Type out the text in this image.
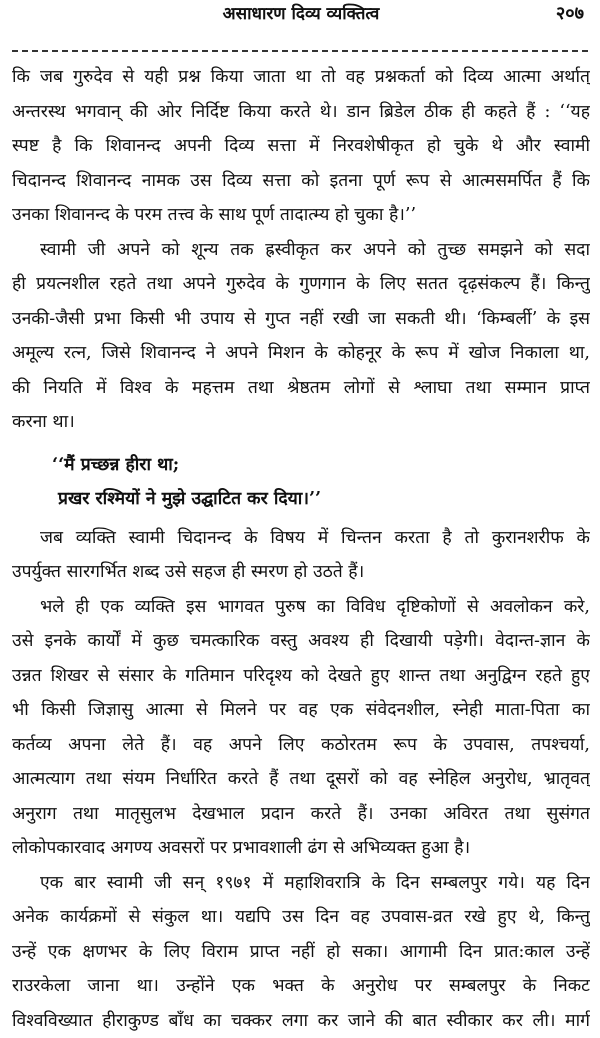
असाधारण दिव्य व्यक्तित्व	२०७
कि जब गुरुदेव से यही प्रश्न किया जाता था तो वह प्रश्नकर्ता को दिव्य आत्मा अर्थात्
अन्तरस्थ भगवान् की ओर निर्दिष्ट किया करते थे। डान ब्रिडेल ठीक ही कहते हैं : ‘‘यह
स्पष्ट है कि शिवानन्द अपनी दिव्य सत्ता में निरवशेषीकृत हो चुके थे और स्वामी
चिदानन्द शिवानन्द नामक उस दिव्य सत्ता को इतना पूर्ण रूप से आत्मसमर्पित हैं कि
उनका शिवानन्द के परम तत्त्व के साथ पूर्ण तादात्म्य हो चुका है।’’
स्वामी जी अपने को शून्य तक ह्रस्वीकृत कर अपने को तुच्छ समझने को सदा
ही प्रयत्नशील रहते तथा अपने गुरुदेव के गुणगान के लिए सतत दृढ़संकल्प हैं। किन्तु
उनकी-जैसी प्रभा किसी भी उपाय से गुप्त नहीं रखी जा सकती थी। ‘किम्बर्ली’ के इस
अमूल्य रत्न, जिसे शिवानन्द ने अपने मिशन के कोहनूर के रूप में खोज निकाला था,
की नियति में विश्व के महत्तम तथा श्रेष्ठतम लोगों से श्लाघा तथा सम्मान प्राप्त
करना था।
‘‘मैं प्रच्छन्न हीरा था;
प्रखर रश्मियों ने मुझे उद्घाटित कर दिया।’’
जब व्यक्ति स्वामी चिदानन्द के विषय में चिन्तन करता है तो कुरानशरीफ के
उपर्युक्त सारगर्भित शब्द उसे सहज ही स्मरण हो उठते हैं।
भले ही एक व्यक्ति इस भागवत पुरुष का विविध दृष्टिकोणों से अवलोकन करे,
उसे इनके कार्यों में कुछ चमत्कारिक वस्तु अवश्य ही दिखायी पड़ेगी। वेदान्त-ज्ञान के
उन्नत शिखर से संसार के गतिमान परिदृश्य को देखते हुए शान्त तथा अनुद्विग्न रहते हुए
भी किसी जिज्ञासु आत्मा से मिलने पर वह एक संवेदनशील, स्नेही माता-पिता का
कर्तव्य अपना लेते हैं। वह अपने लिए कठोरतम रूप के उपवास, तपश्चर्या,
आत्मत्याग तथा संयम निर्धारित करते हैं तथा दूसरों को वह स्नेहिल अनुरोध, भ्रातृवत्
अनुराग तथा मातृसुलभ देखभाल प्रदान करते हैं। उनका अविरत तथा सुसंगत
लोकोपकारवाद अगण्य अवसरों पर प्रभावशाली ढंग से अभिव्यक्त हुआ है।
एक बार स्वामी जी सन् १९७१ में महाशिवरात्रि के दिन सम्बलपुर गये। यह दिन
अनेक कार्यक्रमों से संकुल था। यद्यपि उस दिन वह उपवास-व्रत रखे हुए थे, किन्तु
उन्हें एक क्षणभर के लिए विराम प्राप्त नहीं हो सका। आगामी दिन प्रात:काल उन्हें
राउरकेला जाना था। उन्होंने एक भक्त के अनुरोध पर सम्बलपुर के निकट
विश्वविख्यात हीराकुण्ड बाँध का चक्कर लगा कर जाने की बात स्वीकार कर ली। मार्ग
